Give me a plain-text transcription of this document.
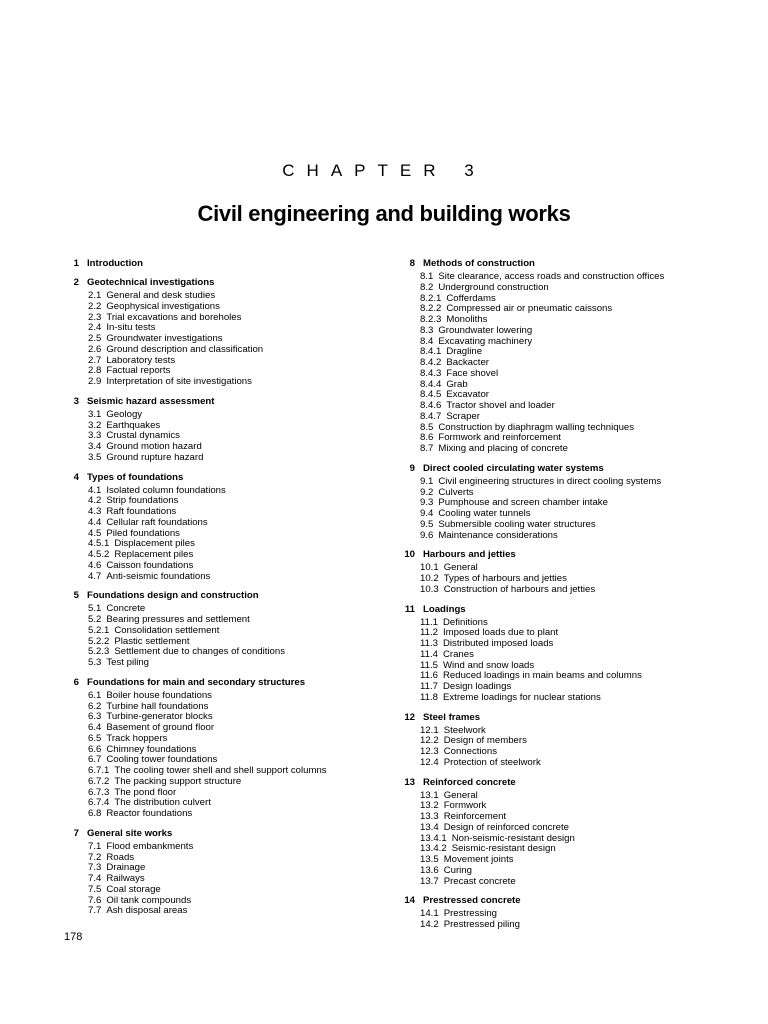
CHAPTER 3
Civil engineering and building works
1 Introduction
2 Geotechnical investigations
2.1 General and desk studies
2.2 Geophysical investigations
2.3 Trial excavations and boreholes
2.4 In-situ tests
2.5 Groundwater investigations
2.6 Ground description and classification
2.7 Laboratory tests
2.8 Factual reports
2.9 Interpretation of site investigations
3 Seismic hazard assessment
3.1 Geology
3.2 Earthquakes
3.3 Crustal dynamics
3.4 Ground motion hazard
3.5 Ground rupture hazard
4 Types of foundations
4.1 Isolated column foundations
4.2 Strip foundations
4.3 Raft foundations
4.4 Cellular raft foundations
4.5 Piled foundations
4.5.1 Displacement piles
4.5.2 Replacement piles
4.6 Caisson foundations
4.7 Anti-seismic foundations
5 Foundations design and construction
5.1 Concrete
5.2 Bearing pressures and settlement
5.2.1 Consolidation settlement
5.2.2 Plastic settlement
5.2.3 Settlement due to changes of conditions
5.3 Test piling
6 Foundations for main and secondary structures
6.1 Boiler house foundations
6.2 Turbine hall foundations
6.3 Turbine-generator blocks
6.4 Basement of ground floor
6.5 Track hoppers
6.6 Chimney foundations
6.7 Cooling tower foundations
6.7.1 The cooling tower shell and shell support columns
6.7.2 The packing support structure
6.7.3 The pond floor
6.7.4 The distribution culvert
6.8 Reactor foundations
7 General site works
7.1 Flood embankments
7.2 Roads
7.3 Drainage
7.4 Railways
7.5 Coal storage
7.6 Oil tank compounds
7.7 Ash disposal areas
8 Methods of construction
8.1 Site clearance, access roads and construction offices
8.2 Underground construction
8.2.1 Cofferdams
8.2.2 Compressed air or pneumatic caissons
8.2.3 Monoliths
8.3 Groundwater lowering
8.4 Excavating machinery
8.4.1 Dragline
8.4.2 Backacter
8.4.3 Face shovel
8.4.4 Grab
8.4.5 Excavator
8.4.6 Tractor shovel and loader
8.4.7 Scraper
8.5 Construction by diaphragm walling techniques
8.6 Formwork and reinforcement
8.7 Mixing and placing of concrete
9 Direct cooled circulating water systems
9.1 Civil engineering structures in direct cooling systems
9.2 Culverts
9.3 Pumphouse and screen chamber intake
9.4 Cooling water tunnels
9.5 Submersible cooling water structures
9.6 Maintenance considerations
10 Harbours and jetties
10.1 General
10.2 Types of harbours and jetties
10.3 Construction of harbours and jetties
11 Loadings
11.1 Definitions
11.2 Imposed loads due to plant
11.3 Distributed imposed loads
11.4 Cranes
11.5 Wind and snow loads
11.6 Reduced loadings in main beams and columns
11.7 Design loadings
11.8 Extreme loadings for nuclear stations
12 Steel frames
12.1 Steelwork
12.2 Design of members
12.3 Connections
12.4 Protection of steelwork
13 Reinforced concrete
13.1 General
13.2 Formwork
13.3 Reinforcement
13.4 Design of reinforced concrete
13.4.1 Non-seismic-resistant design
13.4.2 Seismic-resistant design
13.5 Movement joints
13.6 Curing
13.7 Precast concrete
14 Prestressed concrete
14.1 Prestressing
14.2 Prestressed piling
178
